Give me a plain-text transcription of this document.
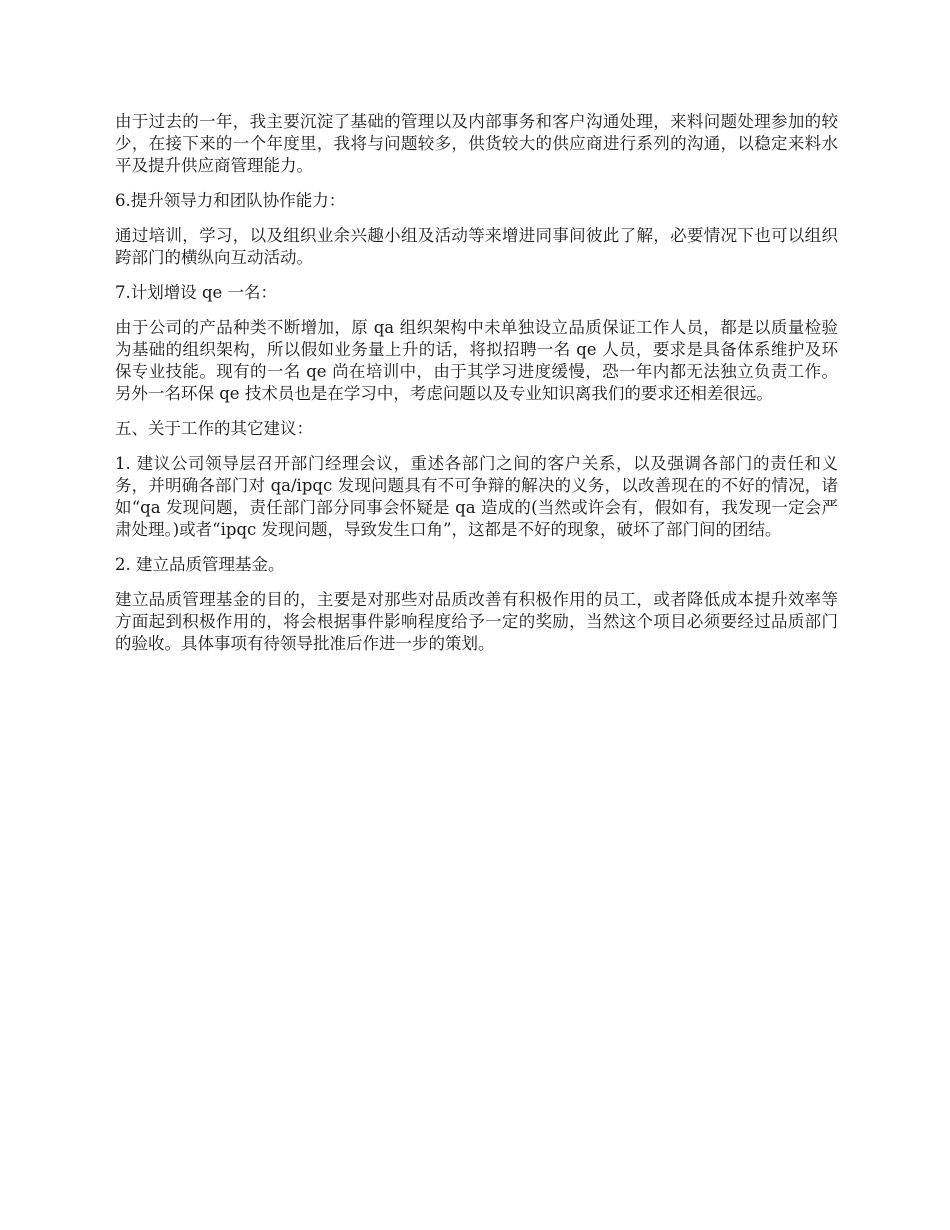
由于过去的一年，我主要沉淀了基础的管理以及内部事务和客户沟通处理，来料问题处理参加的较少，在接下来的一个年度里，我将与问题较多，供货较大的供应商进行系列的沟通，以稳定来料水平及提升供应商管理能力。

6.提升领导力和团队协作能力：

通过培训，学习，以及组织业余兴趣小组及活动等来增进同事间彼此了解，必要情况下也可以组织跨部门的横纵向互动活动。

7.计划增设 qe 一名：

由于公司的产品种类不断增加，原 qa 组织架构中未单独设立品质保证工作人员，都是以质量检验为基础的组织架构，所以假如业务量上升的话，将拟招聘一名 qe 人员，要求是具备体系维护及环保专业技能。现有的一名 qe 尚在培训中，由于其学习进度缓慢，恐一年内都无法独立负责工作。另外一名环保 qe 技术员也是在学习中，考虑问题以及专业知识离我们的要求还相差很远。

五、关于工作的其它建议：

1. 建议公司领导层召开部门经理会议，重述各部门之间的客户关系，以及强调各部门的责任和义务，并明确各部门对 qa/ipqc 发现问题具有不可争辩的解决的义务，以改善现在的不好的情况，诸如“qa 发现问题，责任部门部分同事会怀疑是 qa 造成的(当然或许会有，假如有，我发现一定会严肃处理。)或者“ipqc 发现问题，导致发生口角”，这都是不好的现象，破坏了部门间的团结。

2. 建立品质管理基金。

建立品质管理基金的目的，主要是对那些对品质改善有积极作用的员工，或者降低成本提升效率等方面起到积极作用的，将会根据事件影响程度给予一定的奖励，当然这个项目必须要经过品质部门的验收。具体事项有待领导批准后作进一步的策划。
